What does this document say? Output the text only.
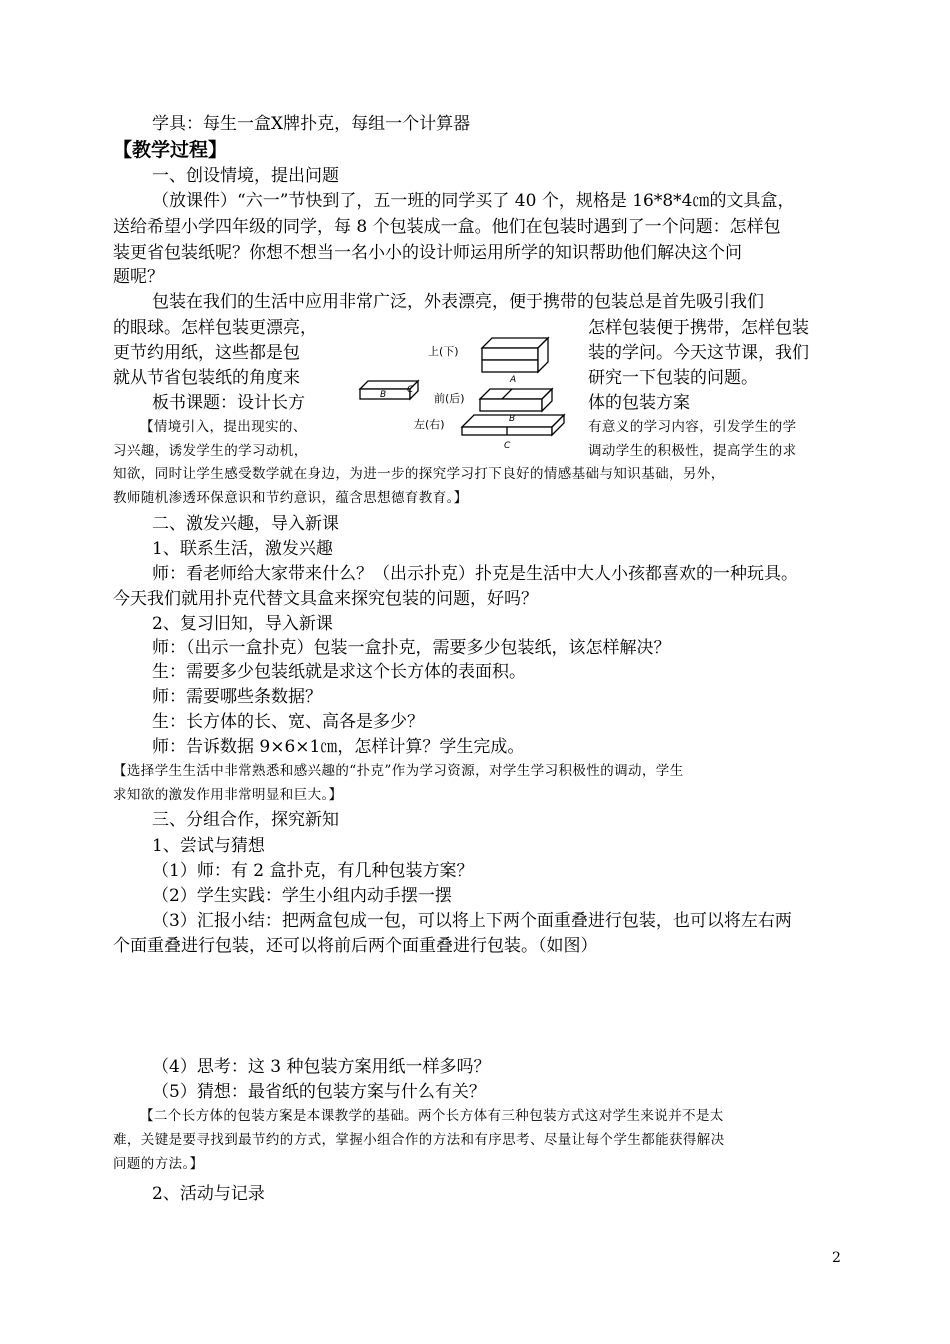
学具：每生一盒Ⅹ牌扑克，每组一个计算器
【教学过程】
一、创设情境，提出问题
（放课件）“六一”节快到了，五一班的同学买了 40 个，规格是 16*8*4㎝的文具盒，
送给希望小学四年级的同学，每 8 个包装成一盒。他们在包装时遇到了一个问题：怎样包
装更省包装纸呢？你想不想当一名小小的设计师运用所学的知识帮助他们解决这个问
题呢？
包装在我们的生活中应用非常广泛，外表漂亮，便于携带的包装总是首先吸引我们
的眼球。怎样包装更漂亮，
更节约用纸，这些都是包
就从节省包装纸的角度来
板书课题：设计长方
怎样包装便于携带，怎样包装
装的学问。今天这节课，我们
研究一下包装的问题。
体的包装方案
【情境引入，提出现实的、
习兴趣，诱发学生的学习动机，
有意义的学习内容，引发学生的学
调动学生的积极性，提高学生的求
知欲，同时让学生感受数学就在身边，为进一步的探究学习打下良好的情感基础与知识基础，另外，
教师随机渗透环保意识和节约意识，蕴含思想德育教育。】
上(下)
前(后)
左(右)
A
B
C
B C
二、激发兴趣，导入新课
1、联系生活，激发兴趣
师：看老师给大家带来什么？（出示扑克）扑克是生活中大人小孩都喜欢的一种玩具。
今天我们就用扑克代替文具盒来探究包装的问题，好吗？
2、复习旧知，导入新课
师：（出示一盒扑克）包装一盒扑克，需要多少包装纸，该怎样解决？
生：需要多少包装纸就是求这个长方体的表面积。
师：需要哪些条数据？
生：长方体的长、宽、高各是多少？
师：告诉数据 9×6×1㎝，怎样计算？学生完成。
【选择学生生活中非常熟悉和感兴趣的“扑克”作为学习资源，对学生学习积极性的调动，学生
求知欲的激发作用非常明显和巨大。】
三、分组合作，探究新知
1、尝试与猜想
（1）师：有 2 盒扑克，有几种包装方案？
（2）学生实践：学生小组内动手摆一摆
（3）汇报小结：把两盒包成一包，可以将上下两个面重叠进行包装，也可以将左右两
个面重叠进行包装，还可以将前后两个面重叠进行包装。（如图）
（4）思考：这 3 种包装方案用纸一样多吗？
（5）猜想：最省纸的包装方案与什么有关？
【二个长方体的包装方案是本课教学的基础。两个长方体有三种包装方式这对学生来说并不是太
难，关键是要寻找到最节约的方式，掌握小组合作的方法和有序思考、尽量让每个学生都能获得解决
问题的方法。】
2、活动与记录
2
